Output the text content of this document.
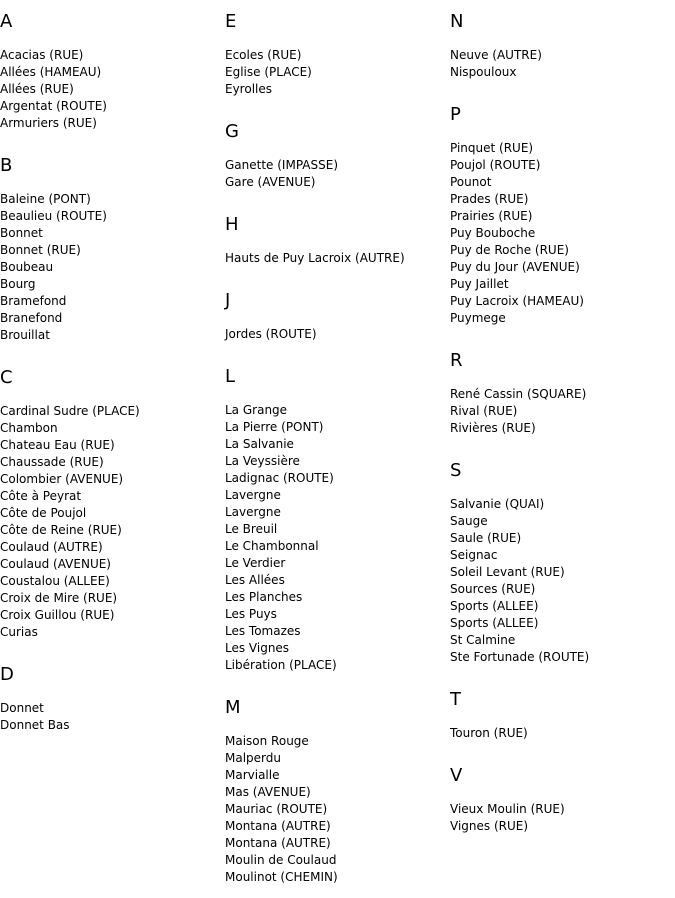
A
Acacias (RUE)
Allées (HAMEAU)
Allées (RUE)
Argentat (ROUTE)
Armuriers (RUE)
B
Baleine (PONT)
Beaulieu (ROUTE)
Bonnet
Bonnet (RUE)
Boubeau
Bourg
Bramefond
Branefond
Brouillat
C
Cardinal Sudre (PLACE)
Chambon
Chateau Eau (RUE)
Chaussade (RUE)
Colombier (AVENUE)
Côte à Peyrat
Côte de Poujol
Côte de Reine (RUE)
Coulaud (AUTRE)
Coulaud (AVENUE)
Coustalou (ALLEE)
Croix de Mire (RUE)
Croix Guillou (RUE)
Curias
D
Donnet
Donnet Bas
E
Ecoles (RUE)
Eglise (PLACE)
Eyrolles
G
Ganette (IMPASSE)
Gare (AVENUE)
H
Hauts de Puy Lacroix (AUTRE)
J
Jordes (ROUTE)
L
La Grange
La Pierre (PONT)
La Salvanie
La Veyssière
Ladignac (ROUTE)
Lavergne
Lavergne
Le Breuil
Le Chambonnal
Le Verdier
Les Allées
Les Planches
Les Puys
Les Tomazes
Les Vignes
Libération (PLACE)
M
Maison Rouge
Malperdu
Marvialle
Mas (AVENUE)
Mauriac (ROUTE)
Montana (AUTRE)
Montana (AUTRE)
Moulin de Coulaud
Moulinot (CHEMIN)
N
Neuve (AUTRE)
Nispouloux
P
Pinquet (RUE)
Poujol (ROUTE)
Pounot
Prades (RUE)
Prairies (RUE)
Puy Bouboche
Puy de Roche (RUE)
Puy du Jour (AVENUE)
Puy Jaillet
Puy Lacroix (HAMEAU)
Puymege
R
René Cassin (SQUARE)
Rival (RUE)
Rivières (RUE)
S
Salvanie (QUAI)
Sauge
Saule (RUE)
Seignac
Soleil Levant (RUE)
Sources (RUE)
Sports (ALLEE)
Sports (ALLEE)
St Calmine
Ste Fortunade (ROUTE)
T
Touron (RUE)
V
Vieux Moulin (RUE)
Vignes (RUE)
